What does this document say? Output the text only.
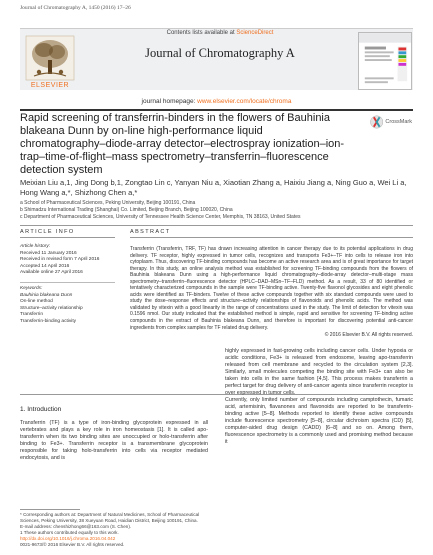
Journal of Chromatography A, 1450 (2016) 17–26
Contents lists available at ScienceDirect
ELSEVIER
Journal of Chromatography A
journal homepage: www.elsevier.com/locate/chroma
Rapid screening of transferrin-binders in the flowers of Bauhinia blakeana Dunn by on-line high-performance liquid chromatography–diode-array detector–electrospray ionization–ion-trap–time-of-flight–mass spectrometry–transferrin–fluorescence detection system
CrossMark
Meixian Liu a,1, Jing Dong b,1, Zongtao Lin c, Yanyan Niu a, Xiaotian Zhang a, Haixiu Jiang a, Ning Guo a, Wei Li a, Hong Wang a,*, Shizhong Chen a,*
a School of Pharmaceutical Sciences, Peking University, Beijing 100191, China
b Shimadzu International Trading (Shanghai) Co. Limited, Beijing Branch, Beijing 100020, China
c Department of Pharmaceutical Sciences, University of Tennessee Health Science Center, Memphis, TN 38163, United States
ARTICLE INFO	ABSTRACT
Article history:
Received 11 January 2016
Received in revised form 7 April 2016
Accepted 14 April 2016
Available online 27 April 2016
Keywords:
Bauhinia blakeana Dunn
On-line method
Structure–activity relationship
Transferrin
Transferrin-binding activity
Transferrin (Transferrin, TRF, TF) has drawn increasing attention in cancer therapy due to its potential applications in drug delivery. TF receptor, highly expressed in tumor cells, recognizes and transports Fe3+–TF into cells to release iron into cytoplasm. Thus, discovering TF-binding compounds has become an active research area and is of great importance for target therapy. In this study, an online analysis method was established for screening TF-binding compounds from the flowers of Bauhinia blakeana Dunn using a high-performance liquid chromatography–diode-array detector–multi-stage mass spectrometry–transferrin–fluorescence detector (HPLC–DAD–MSn–TF–FLD) method. As a result, 33 of 80 identified or tentatively characterized compounds in the sample were TF-binding active. Twenty-five flavonol glycosides and eight phenolic acids were identified as TF-binders. Twelve of these active compounds together with six standard compounds were used to study the dose–response effects and structure–activity relationships of flavonoids and phenolic acids. The method was validated by vitexin with a good linearity in the range of concentrations used in the study. The limit of detection for vitexin was 0.1596 nmol. Our study indicated that the established method is simple, rapid and sensitive for screening TF-binding active compounds in the extract of Bauhinia blakeana Dunn, and therefore is important for discovering potential anti-cancer ingredients from complex samples for TF related drug delivery.
© 2016 Elsevier B.V. All rights reserved.
1. Introduction
Transferrin (TF) is a type of iron-binding glycoprotein expressed in all vertebrates and plays a key role in iron homeostasis [1]. It is called apo-transferrin when its two binding sites are unoccupied or holo-transferrin after binding to Fe3+. Transferrin receptor is a transmembrane glycoprotein responsible for taking holo-transferrin into cells via receptor mediated endocytosis, and is
highly expressed in fast-growing cells including cancer cells. Under hypoxia or acidic conditions, Fe3+ is released from endosome, leaving apo-transferrin released from cell membrane and recycled to the circulation system [2,3]. Similarly, small molecules competing the binding site with Fe3+ can also be taken into cells in the same fashion [4,5]. This process makes transferrin a perfect target for drug delivery of anti-cancer agents since transferrin receptor is over expressed in tumor cells.
Currently, only limited number of compounds including camptothecin, fumaric acid, artemisinin, flavanones and flavonoids are reported to be transferrin-binding active [5–8]. Methods reported to identify these active compounds include fluorescence spectrometry [5–8], circular dichroism spectra (CD) [5], computer-aided drug design (CADD) [6–8] and so on. Among them, fluorescence spectrometry is a commonly used and promising method because it
* Corresponding authors at: Department of Natural Medicines, School of Pharmaceutical Sciences, Peking University, 38 Xueyuan Road, Haidian District, Beijing 100191, China.
E-mail address: chenshizhong66@163.com (S. Chen).
1 These authors contributed equally to this work.
http://dx.doi.org/10.1016/j.chroma.2016.04.042
0021-9673/© 2016 Elsevier B.V. All rights reserved.
